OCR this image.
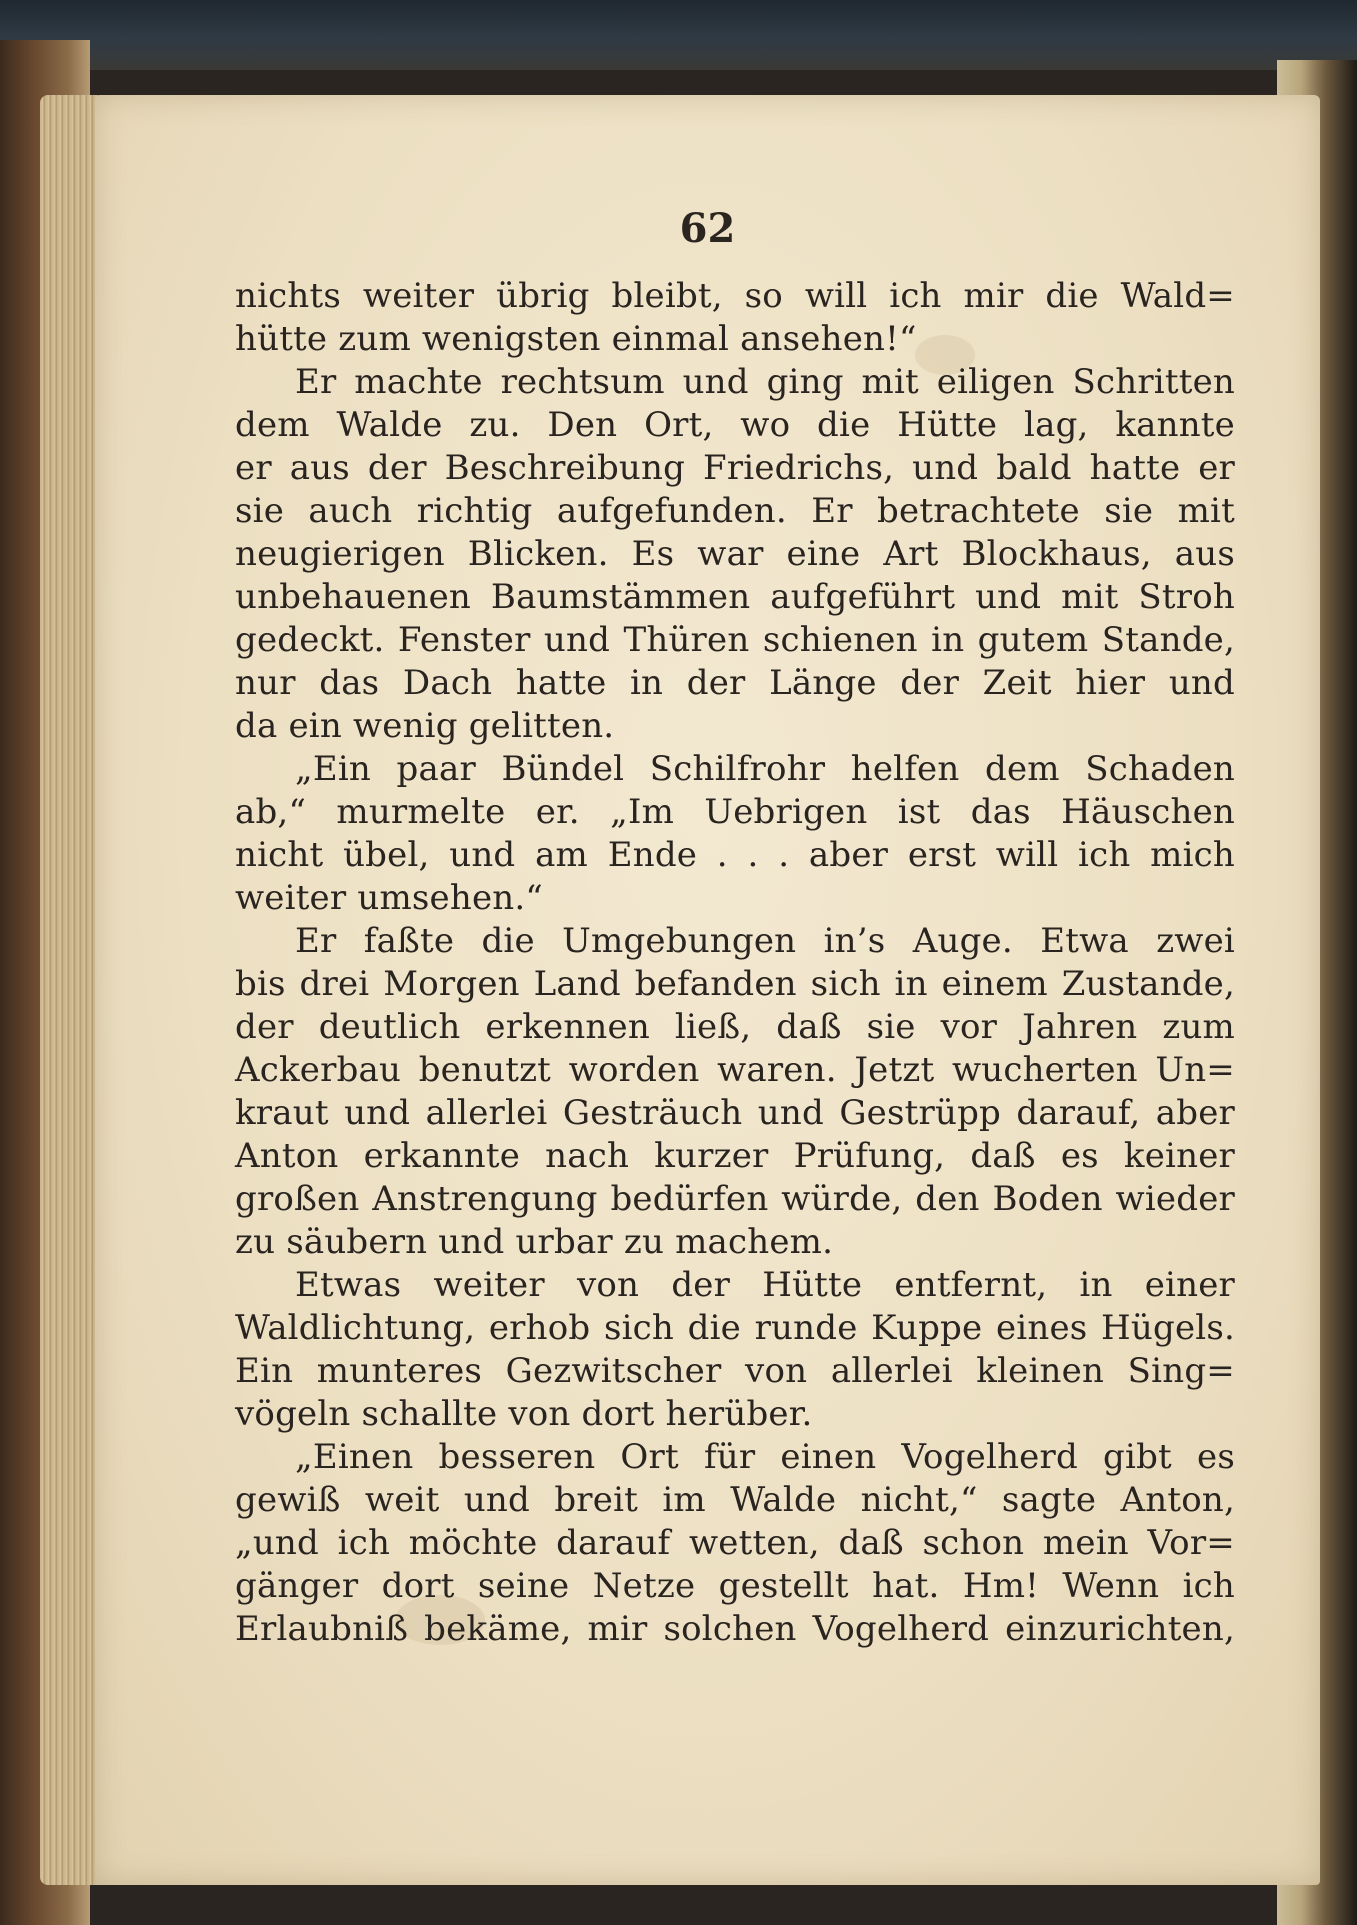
62
nichts weiter übrig bleibt, so will ich mir die Wald=
hütte zum wenigsten einmal ansehen!“
Er machte rechtsum und ging mit eiligen Schritten
dem Walde zu. Den Ort, wo die Hütte lag, kannte
er aus der Beschreibung Friedrichs, und bald hatte er
sie auch richtig aufgefunden. Er betrachtete sie mit
neugierigen Blicken. Es war eine Art Blockhaus, aus
unbehauenen Baumstämmen aufgeführt und mit Stroh
gedeckt. Fenster und Thüren schienen in gutem Stande,
nur das Dach hatte in der Länge der Zeit hier und
da ein wenig gelitten.
„Ein paar Bündel Schilfrohr helfen dem Schaden
ab,“ murmelte er. „Im Uebrigen ist das Häuschen
nicht übel, und am Ende . . . aber erst will ich mich
weiter umsehen.“
Er faßte die Umgebungen in’s Auge. Etwa zwei
bis drei Morgen Land befanden sich in einem Zustande,
der deutlich erkennen ließ, daß sie vor Jahren zum
Ackerbau benutzt worden waren. Jetzt wucherten Un=
kraut und allerlei Gesträuch und Gestrüpp darauf, aber
Anton erkannte nach kurzer Prüfung, daß es keiner
großen Anstrengung bedürfen würde, den Boden wieder
zu säubern und urbar zu machem.
Etwas weiter von der Hütte entfernt, in einer
Waldlichtung, erhob sich die runde Kuppe eines Hügels.
Ein munteres Gezwitscher von allerlei kleinen Sing=
vögeln schallte von dort herüber.
„Einen besseren Ort für einen Vogelherd gibt es
gewiß weit und breit im Walde nicht,“ sagte Anton,
„und ich möchte darauf wetten, daß schon mein Vor=
gänger dort seine Netze gestellt hat. Hm! Wenn ich
Erlaubniß bekäme, mir solchen Vogelherd einzurichten,
